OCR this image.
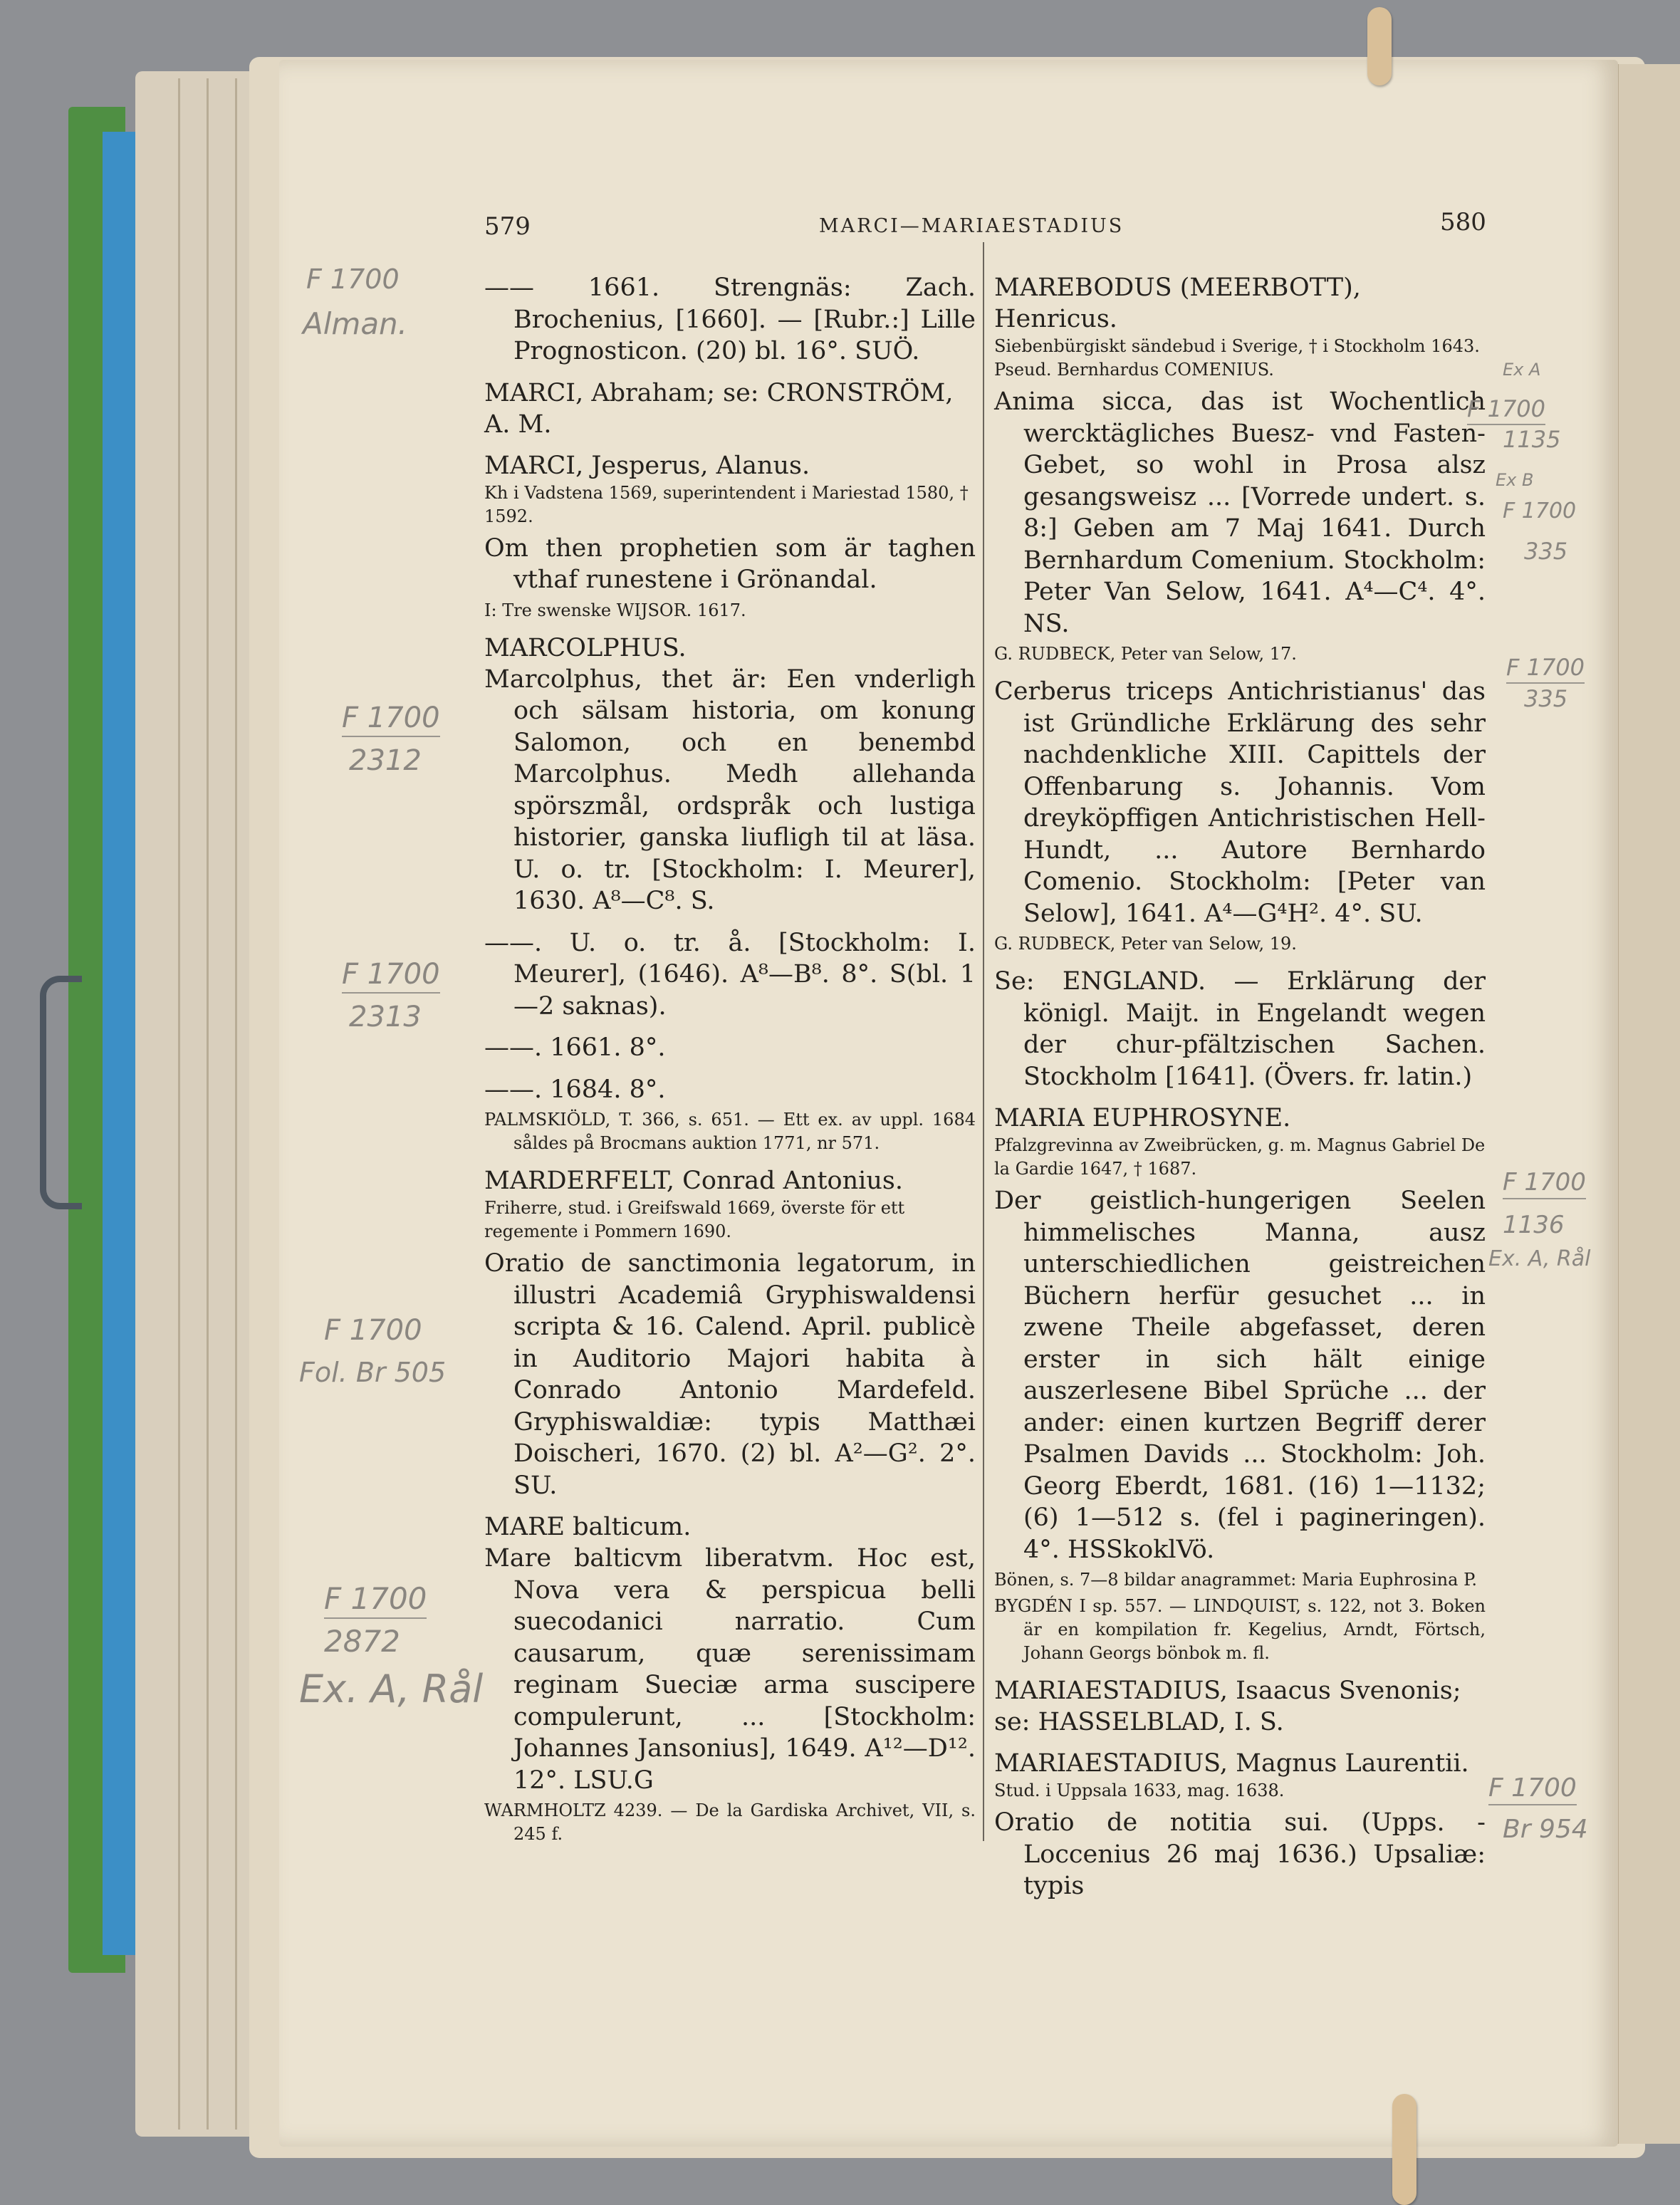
579	MARCI—MARIAESTADIUS	580

—— 1661. Strengnäs: Zach. Brochenius, [1660]. — [Rubr.:] Lille Prognosticon. (20) bl. 16°. SUÖ.

MARCI, Abraham; se: CRONSTRÖM, A. M.
MARCI, Jesperus, Alanus.

Kh i Vadstena 1569, superintendent i Mariestad 1580, † 1592.

Om then prophetien som är taghen vthaf runestene i Grönandal.

I: Tre swenske WIJSOR. 1617.

MARCOLPHUS.

Marcolphus, thet är: Een vnderligh och sälsam historia, om konung Salomon, och en benembd Marcolphus. Medh allehanda spörszmål, ordspråk och lustiga historier, ganska liufligh til at läsa. U. o. tr. [Stockholm: I. Meurer], 1630. A⁸—C⁸. S.

——. U. o. tr. å. [Stockholm: I. Meurer], (1646). A⁸—B⁸. 8°. S(bl. 1—2 saknas).

——. 1661. 8°.

——. 1684. 8°.

PALMSKIÖLD, T. 366, s. 651. — Ett ex. av uppl. 1684 såldes på Brocmans auktion 1771, nr 571.

MARDERFELT, Conrad Antonius.

Friherre, stud. i Greifswald 1669, överste för ett regemente i Pommern 1690.

Oratio de sanctimonia legatorum, in illustri Academiâ Gryphiswaldensi scripta & 16. Calend. April. publicè in Auditorio Majori habita à Conrado Antonio Mardefeld. Gryphiswaldiæ: typis Matthæi Doischeri, 1670. (2) bl. A²—G². 2°. SU.

MARE balticum.

Mare balticvm liberatvm. Hoc est, Nova vera & perspicua belli suecodanici narratio. Cum causarum, quæ serenissimam reginam Sueciæ arma suscipere compulerunt, ... [Stockholm: Johannes Jansonius], 1649. A¹²—D¹². 12°. LSU.G

WARMHOLTZ 4239. — De la Gardiska Archivet, VII, s. 245 f.

MAREBODUS (MEERBOTT), Henricus.

Siebenbürgiskt sändebud i Sverige, † i Stockholm 1643. Pseud. Bernhardus COMENIUS.

Anima sicca, das ist Wochentlich wercktägliches Buesz- vnd Fasten-Gebet, so wohl in Prosa alsz gesangsweisz ... [Vorrede undert. s. 8:] Geben am 7 Maj 1641. Durch Bernhardum Comenium. Stockholm: Peter Van Selow, 1641. A⁴—C⁴. 4°. NS.

G. RUDBECK, Peter van Selow, 17.

Cerberus triceps Antichristianus' das ist Gründliche Erklärung des sehr nachdenkliche XIII. Capittels der Offenbarung s. Johannis. Vom dreyköpffigen Antichristischen Hell-Hundt, ... Autore Bernhardo Comenio. Stockholm: [Peter van Selow], 1641. A⁴—G⁴H². 4°. SU.

G. RUDBECK, Peter van Selow, 19.

Se: ENGLAND. — Erklärung der königl. Maijt. in Engelandt wegen der chur-pfältzischen Sachen. Stockholm [1641]. (Övers. fr. latin.)

MARIA EUPHROSYNE.

Pfalzgrevinna av Zweibrücken, g. m. Magnus Gabriel De la Gardie 1647, † 1687.

Der geistlich-hungerigen Seelen himmelisches Manna, ausz unterschiedlichen geistreichen Büchern herfür gesuchet ... in zwene Theile abgefasset, deren erster in sich hält einige auszerlesene Bibel Sprüche ... der ander: einen kurtzen Begriff derer Psalmen Davids ... Stockholm: Joh. Georg Eberdt, 1681. (16) 1—1132; (6) 1—512 s. (fel i pagineringen). 4°. HSSkoklVö.

Bönen, s. 7—8 bildar anagrammet: Maria Euphrosina P.

BYGDÉN I sp. 557. — LINDQUIST, s. 122, not 3. Boken är en kompilation fr. Kegelius, Arndt, Förtsch, Johann Georgs bönbok m. fl.

MARIAESTADIUS, Isaacus Svenonis; se: HASSELBLAD, I. S.
MARIAESTADIUS, Magnus Laurentii.

Stud. i Uppsala 1633, mag. 1638.

Oratio de notitia sui. (Upps. - Loccenius 26 maj 1636.) Upsaliæ: typis

F 1700
Alman.
F 1700
2312
F 1700
2313
F 1700
Fol. Br 505
F 1700
2872
Ex. A, Rål
Ex A
F 1700
1135
Ex B
F 1700
335
F 1700
335
F 1700
1136
Ex. A, Rål
F 1700
Br 954
